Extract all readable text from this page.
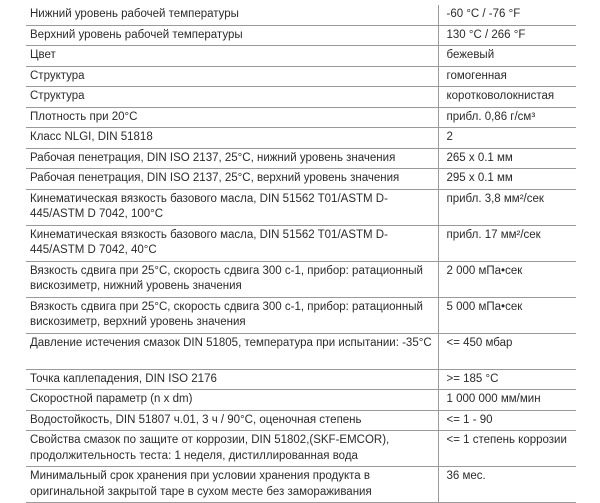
Нижний уровень рабочей температуры	-60 °C / -76 °F
Верхний уровень рабочей температуры	130 °C / 266 °F
Цвет	бежевый
Структура	гомогенная
Структура	коротковолокнистая
Плотность при 20°C	прибл. 0,86 г/см³
Класс NLGI, DIN 51818	2
Рабочая пенетрация, DIN ISO 2137, 25°C, нижний уровень значения	265 x 0.1 мм
Рабочая пенетрация, DIN ISO 2137, 25°C, верхний уровень значения	295 x 0.1 мм
Кинематическая вязкость базового масла, DIN 51562 T01/ASTM D-445/ASTM D 7042, 100°C	прибл. 3,8 мм²/сек
Кинематическая вязкость базового масла, DIN 51562 T01/ASTM D-445/ASTM D 7042, 40°C	прибл. 17 мм²/сек
Вязкость сдвига при 25°C, скорость сдвига 300 с-1, прибор: ратационный вискозиметр, нижний уровень значения	2 000 мПа•сек
Вязкость сдвига при 25°C, скорость сдвига 300 с-1, прибор: ратационный вискозиметр, верхний уровень значения	5 000 мПа•сек
Давление истечения смазок DIN 51805, температура при испытании: -35°C	<= 450 мбар
Точка каплепадения, DIN ISO 2176	>= 185 °C
Скоростной параметр (n x dm)	1 000 000 мм/мин
Водостойкость, DIN 51807 ч.01, 3 ч / 90°C, оценочная степень	<= 1 - 90
Свойства смазок по защите от коррозии, DIN 51802,(SKF-EMCOR), продолжительность теста: 1 неделя, дистиллированная вода	<= 1 степень коррозии
Минимальный срок хранения при условии хранения продукта в оригинальной закрытой таре в сухом месте без замораживания	36 мес.
